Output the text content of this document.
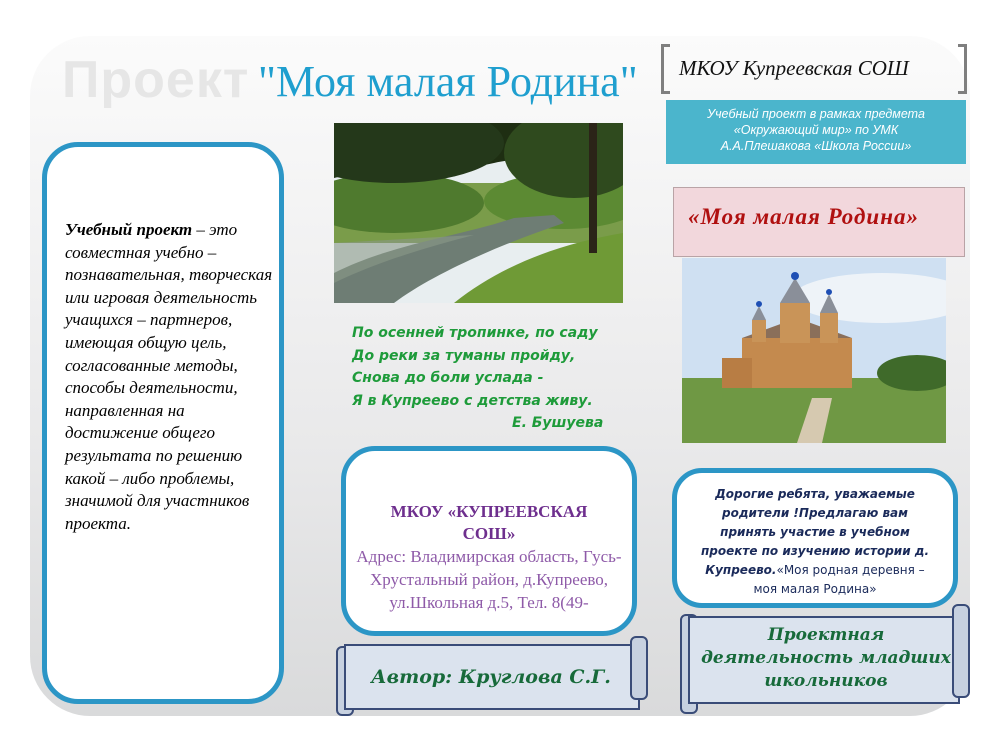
Проект "Моя малая Родина" МКОУ Купреевская СОШ
Учебный проект в рамках предмета
«Окружающий мир» по УМК
А.А.Плешакова «Школа России»
«Моя малая Родина»
Учебный проект – это совместная учебно – познавательная, творческая или игровая деятельность учащихся – партнеров, имеющая общую цель, согласованные методы, способы деятельности, направленная на достижение общего результата по решению какой – либо проблемы, значимой для участников проекта.
По осенней тропинке, по саду
До реки за туманы пройду,
Снова до боли услада -
Я в Купреево с детства живу.
Е. Бушуева
МКОУ «КУПРЕЕВСКАЯ СОШ»
Адрес: Владимирская область, Гусь-Хрустальный район, д.Купреево, ул.Школьная д.5, Тел. 8(49-
Дорогие ребята, уважаемые родители !Предлагаю вам принять участие в учебном проекте по изучению истории д. Купреево.«Моя родная деревня – моя малая Родина»
Автор: Круглова С.Г.
Проектная деятельность младших школьников
